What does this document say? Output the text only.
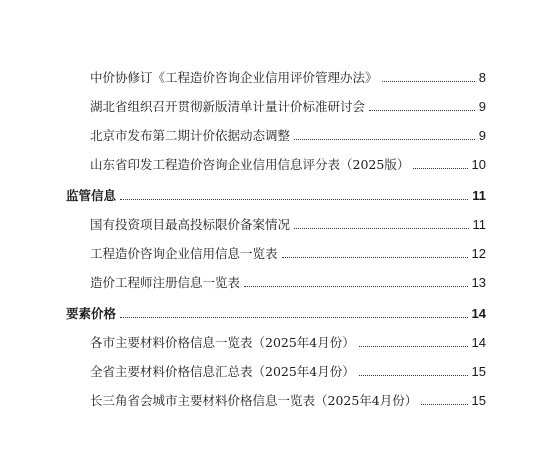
中价协修订《工程造价咨询企业信用评价管理办法》	8
湖北省组织召开贯彻新版清单计量计价标准研讨会	9
北京市发布第二期计价依据动态调整	9
山东省印发工程造价咨询企业信用信息评分表（2025版）	10
监管信息	11
国有投资项目最高投标限价备案情况	11
工程造价咨询企业信用信息一览表	12
造价工程师注册信息一览表	13
要素价格	14
各市主要材料价格信息一览表（2025年4月份）	14
全省主要材料价格信息汇总表（2025年4月份）	15
长三角省会城市主要材料价格信息一览表（2025年4月份）	15
